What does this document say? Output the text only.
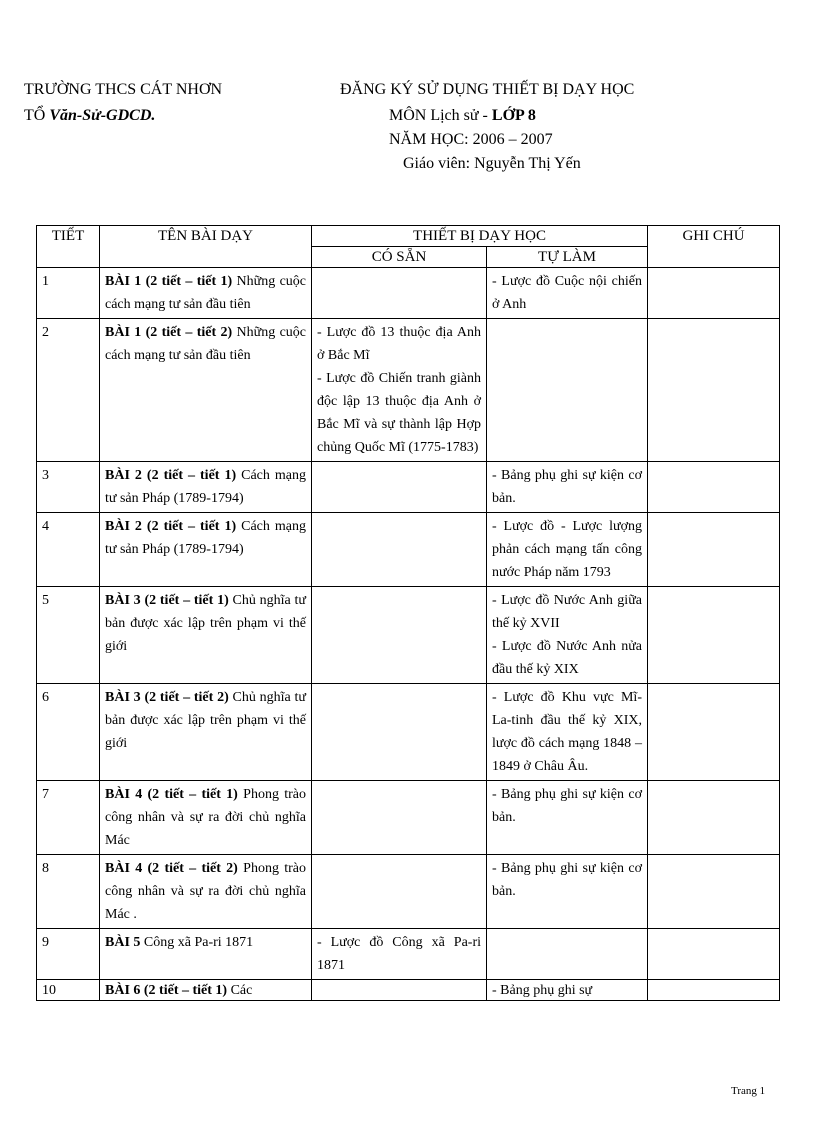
TRƯỜNG THCS CÁT NHƠN
TỔ Văn-Sử-GDCD.
ĐĂNG KÝ SỬ DỤNG THIẾT BỊ DẠY HỌC
MÔN Lịch sử - LỚP 8
NĂM HỌC: 2006 – 2007
Giáo viên: Nguyễn Thị Yến
TIẾT	TÊN BÀI DẠY	THIẾT BỊ DẠY HỌC		GHI CHÚ
		CÓ SẴN	TỰ LÀM	
1	BÀI 1 (2 tiết – tiết 1) Những cuộc cách mạng tư sản đầu tiên		- Lược đồ Cuộc nội chiến ở Anh	
2	BÀI 1 (2 tiết – tiết 2) Những cuộc cách mạng tư sản đầu tiên	- Lược đồ 13 thuộc địa Anh ở Bắc Mĩ
- Lược đồ Chiến tranh giành độc lập 13 thuộc địa Anh ở Bắc Mĩ và sự thành lập Hợp chủng Quốc Mĩ (1775-1783)		
3	BÀI 2 (2 tiết – tiết 1) Cách mạng tư sản Pháp (1789-1794)		- Bảng phụ ghi sự kiện cơ bản.	
4	BÀI 2 (2 tiết – tiết 1) Cách mạng tư sản Pháp (1789-1794)		- Lược đồ - Lược lượng phản cách mạng tấn công nước Pháp năm 1793	
5	BÀI 3 (2 tiết – tiết 1) Chủ nghĩa tư bản được xác lập trên phạm vi thế giới		- Lược đồ Nước Anh giữa thế kỷ XVII
- Lược đồ Nước Anh nửa đầu thế kỷ XIX	
6	BÀI 3 (2 tiết – tiết 2) Chủ nghĩa tư bản được xác lập trên phạm vi thế giới		- Lược đồ Khu vực Mĩ-La-tinh đầu thế kỷ XIX, lược đồ cách mạng 1848 – 1849 ở Châu Âu.	
7	BÀI 4 (2 tiết – tiết 1) Phong trào công nhân và sự ra đời chủ nghĩa Mác		- Bảng phụ ghi sự kiện cơ bản.	
8	BÀI 4 (2 tiết – tiết 2) Phong trào công nhân và sự ra đời chủ nghĩa Mác .		- Bảng phụ ghi sự kiện cơ bản.	
9	BÀI 5 Công xã Pa-ri 1871	- Lược đồ Công xã Pa-ri 1871		
10	BÀI 6 (2 tiết – tiết 1) Các		- Bảng phụ ghi sự	
Trang 1
